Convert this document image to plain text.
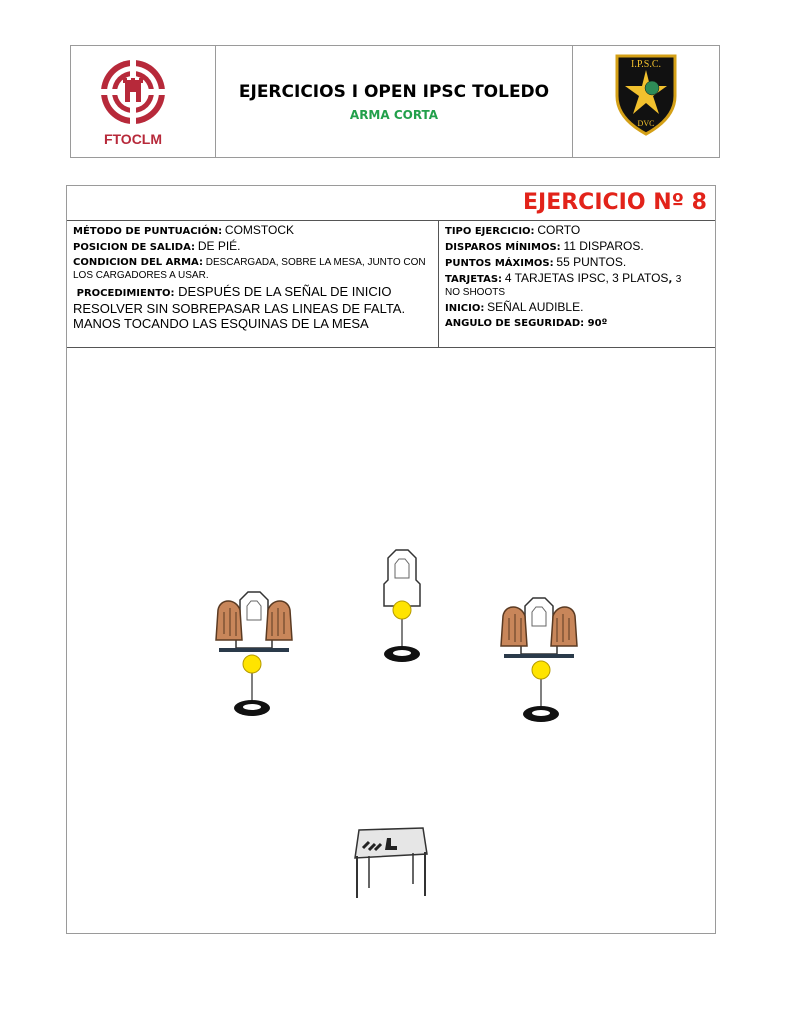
FTOCLM
EJERCICIOS I OPEN IPSC TOLEDO
ARMA CORTA
I.P.S.C.
DVC
EJERCICIO Nº 8
MÉTODO DE PUNTUACIÓN: COMSTOCK
POSICION DE SALIDA: DE PIÉ.
CONDICION DEL ARMA: DESCARGADA, SOBRE LA MESA, JUNTO CON LOS CARGADORES A USAR.
PROCEDIMIENTO: DESPUÉS DE LA SEÑAL DE INICIO RESOLVER SIN SOBREPASAR LAS LINEAS DE FALTA. MANOS TOCANDO LAS ESQUINAS DE LA MESA
TIPO EJERCICIO: CORTO
DISPAROS MÍNIMOS: 11 DISPAROS.
PUNTOS MÁXIMOS: 55 PUNTOS.
TARJETAS: 4 TARJETAS IPSC, 3 PLATOS, 3
NO SHOOTS
INICIO: SEÑAL AUDIBLE.
ANGULO DE SEGURIDAD: 90º
